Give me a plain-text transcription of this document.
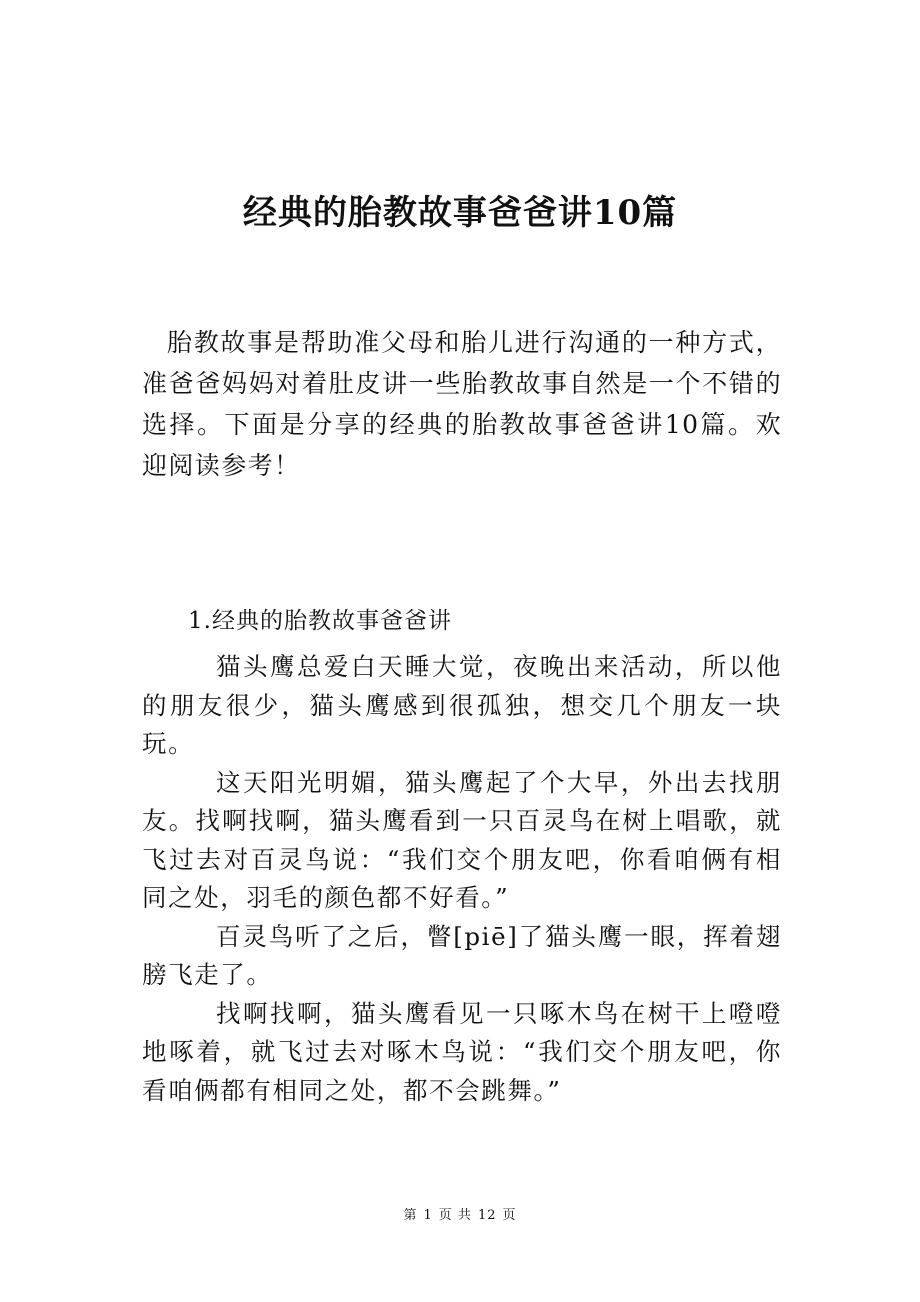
经典的胎教故事爸爸讲10篇

胎教故事是帮助准父母和胎儿进行沟通的一种方式，准爸爸妈妈对着肚皮讲一些胎教故事自然是一个不错的选择。下面是分享的经典的胎教故事爸爸讲10篇。欢迎阅读参考！

1.经典的胎教故事爸爸讲

猫头鹰总爱白天睡大觉，夜晚出来活动，所以他的朋友很少，猫头鹰感到很孤独，想交几个朋友一块玩。

这天阳光明媚，猫头鹰起了个大早，外出去找朋友。找啊找啊，猫头鹰看到一只百灵鸟在树上唱歌，就飞过去对百灵鸟说：“我们交个朋友吧，你看咱俩有相同之处，羽毛的颜色都不好看。”

百灵鸟听了之后，瞥[piē]了猫头鹰一眼，挥着翅膀飞走了。

找啊找啊，猫头鹰看见一只啄木鸟在树干上噔噔地啄着，就飞过去对啄木鸟说：“我们交个朋友吧，你看咱俩都有相同之处，都不会跳舞。”

第 1 页 共 12 页
